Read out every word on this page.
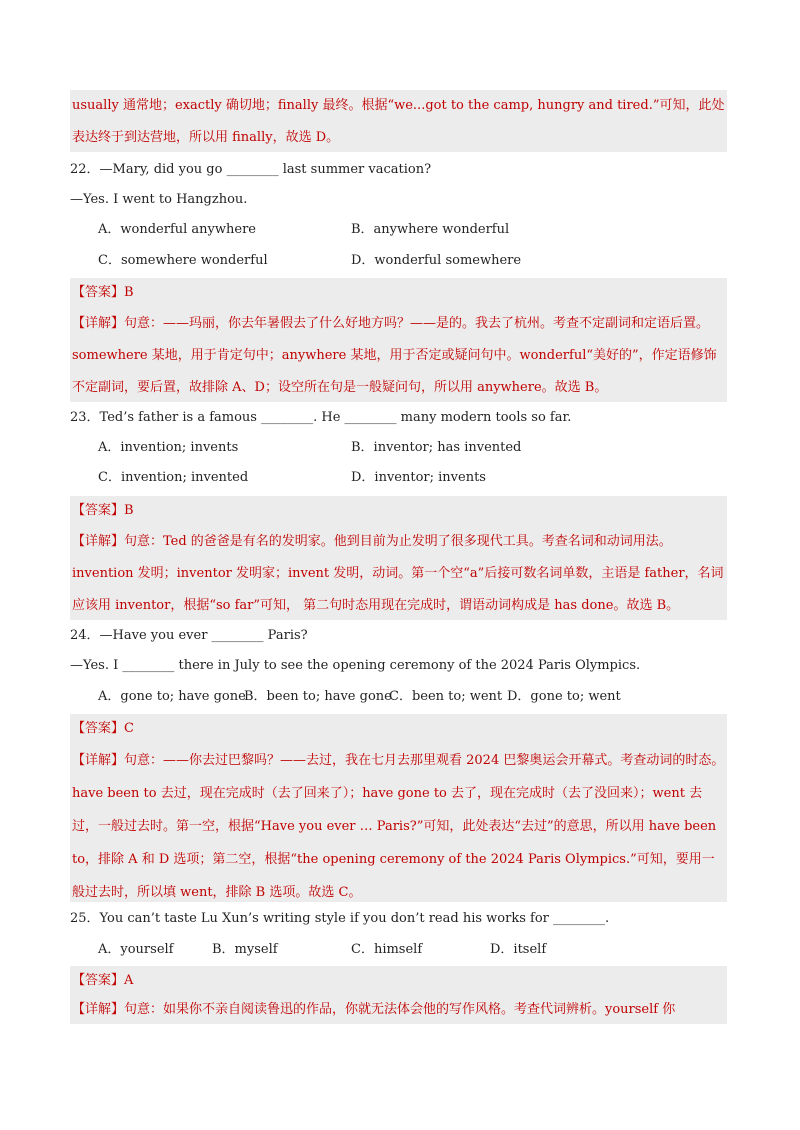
usually 通常地；exactly 确切地；finally 最终。根据“we...got to the camp, hungry and tired.”可知，此处表达终于到达营地，所以用 finally，故选 D。

22．—Mary, did you go ________ last summer vacation?
—Yes. I went to Hangzhou.
A．wonderful anywhere	B．anywhere wonderful
C．somewhere wonderful	D．wonderful somewhere

【答案】B

【详解】句意：——玛丽，你去年暑假去了什么好地方吗？——是的。我去了杭州。考查不定副词和定语后置。somewhere 某地，用于肯定句中；anywhere 某地，用于否定或疑问句中。wonderful“美好的”，作定语修饰不定副词，要后置，故排除 A、D；设空所在句是一般疑问句，所以用 anywhere。故选 B。

23．Ted’s father is a famous ________. He ________ many modern tools so far.
A．invention; invents	B．inventor; has invented
C．invention; invented	D．inventor; invents

【答案】B

【详解】句意：Ted 的爸爸是有名的发明家。他到目前为止发明了很多现代工具。考查名词和动词用法。invention 发明；inventor 发明家；invent 发明，动词。第一个空“a”后接可数名词单数，主语是 father，名词应该用 inventor，根据“so far”可知， 第二句时态用现在完成时，谓语动词构成是 has done。故选 B。

24．—Have you ever ________ Paris?
—Yes. I ________ there in July to see the opening ceremony of the 2024 Paris Olympics.
A．gone to; have gone
B．been to; have gone
C．been to; went D．gone to; went

【答案】C

【详解】句意：——你去过巴黎吗？——去过，我在七月去那里观看 2024 巴黎奥运会开幕式。考查动词的时态。have been to 去过，现在完成时（去了回来了）；have gone to 去了，现在完成时（去了没回来）；went 去过，一般过去时。第一空，根据“Have you ever … Paris?”可知，此处表达“去过”的意思，所以用 have been to，排除 A 和 D 选项；第二空，根据“the opening ceremony of the 2024 Paris Olympics.”可知，要用一般过去时，所以填 went，排除 B 选项。故选 C。

25．You can’t taste Lu Xun’s writing style if you don’t read his works for ________.
A．yourself	B．myself	C．himself	D．itself

【答案】A

【详解】句意：如果你不亲自阅读鲁迅的作品，你就无法体会他的写作风格。考查代词辨析。yourself 你
